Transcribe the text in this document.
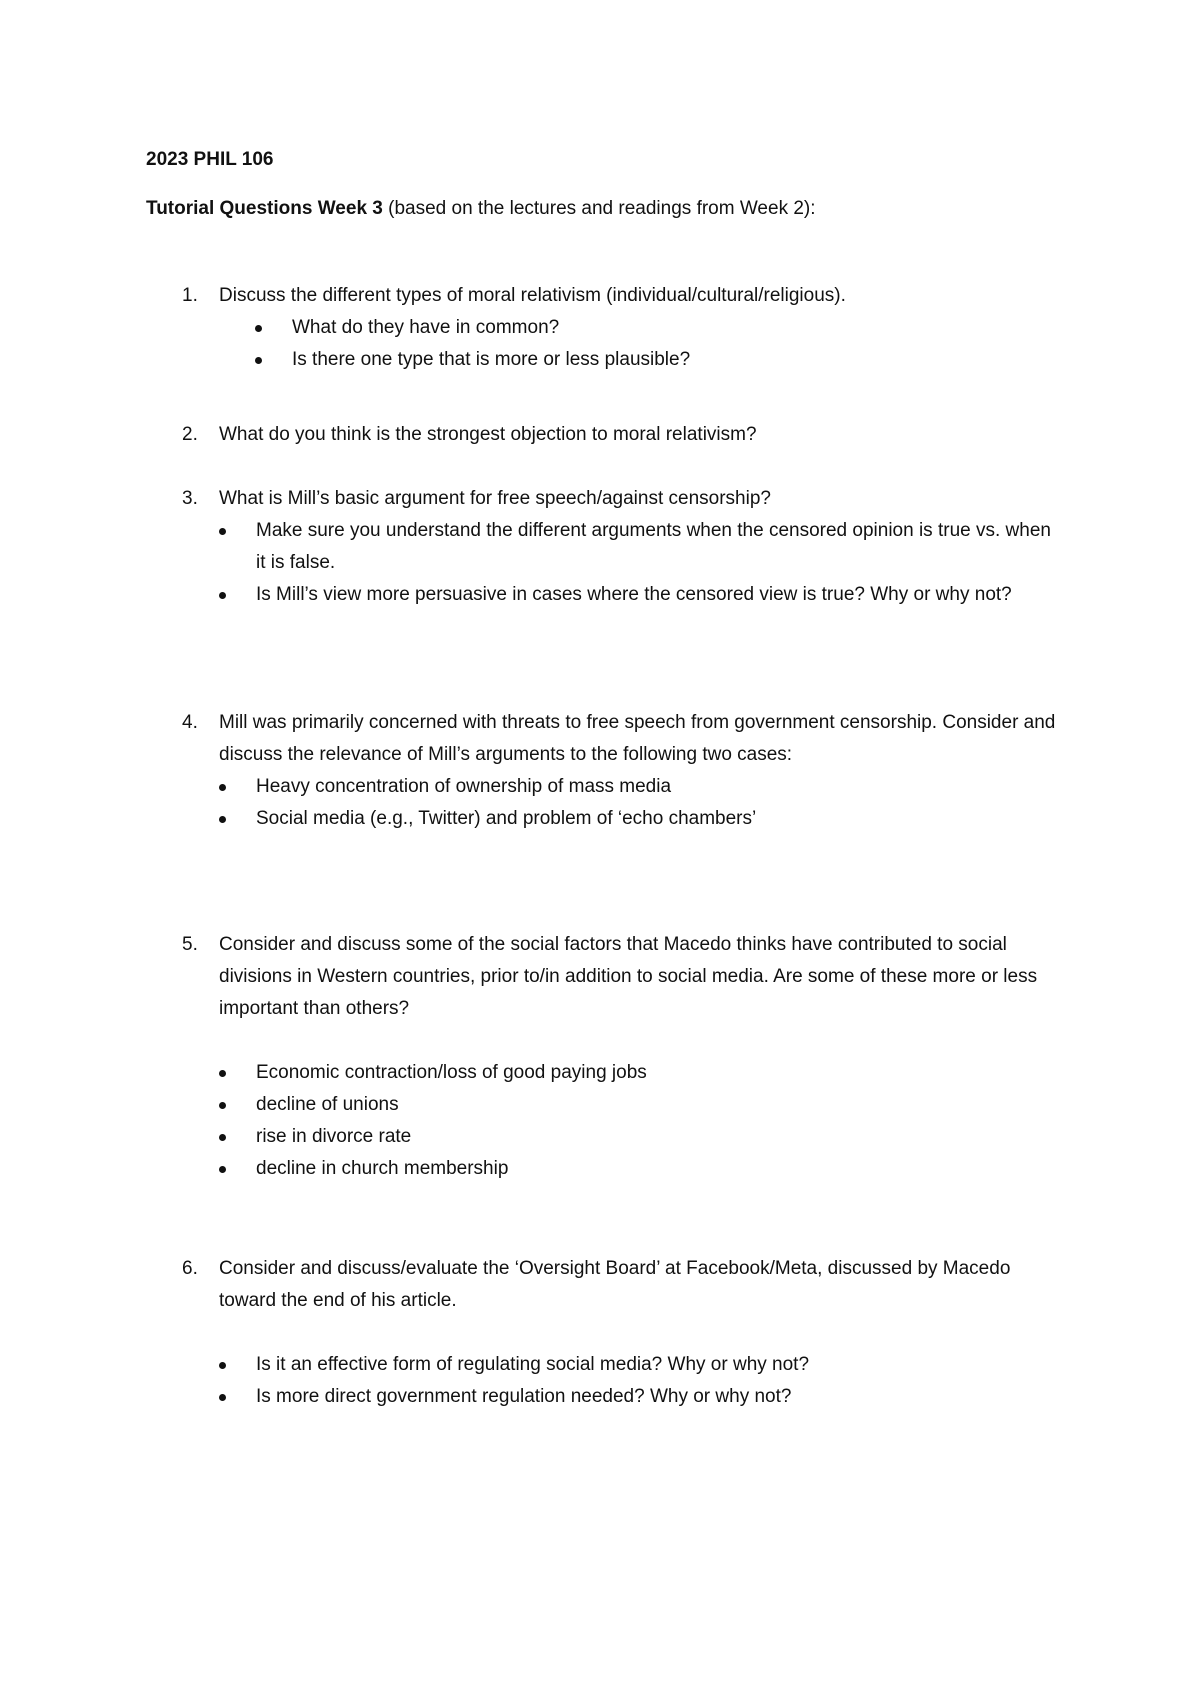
2023 PHIL 106
Tutorial Questions Week 3 (based on the lectures and readings from Week 2):
1.	Discuss the different types of moral relativism (individual/cultural/religious).
What do they have in common?
Is there one type that is more or less plausible?
2.	What do you think is the strongest objection to moral relativism?
3.	What is Mill’s basic argument for free speech/against censorship?
Make sure you understand the different arguments when the censored opinion is true vs. when it is false.
Is Mill’s view more persuasive in cases where the censored view is true? Why or why not?
4.	Mill was primarily concerned with threats to free speech from government censorship. Consider and discuss the relevance of Mill’s arguments to the following two cases:
Heavy concentration of ownership of mass media
Social media (e.g., Twitter) and problem of ‘echo chambers’
5.	Consider and discuss some of the social factors that Macedo thinks have contributed to social divisions in Western countries, prior to/in addition to social media. Are some of these more or less important than others?
Economic contraction/loss of good paying jobs
decline of unions
rise in divorce rate
decline in church membership
6.	Consider and discuss/evaluate the ‘Oversight Board’ at Facebook/Meta, discussed by Macedo toward the end of his article.
Is it an effective form of regulating social media? Why or why not?
Is more direct government regulation needed? Why or why not?
